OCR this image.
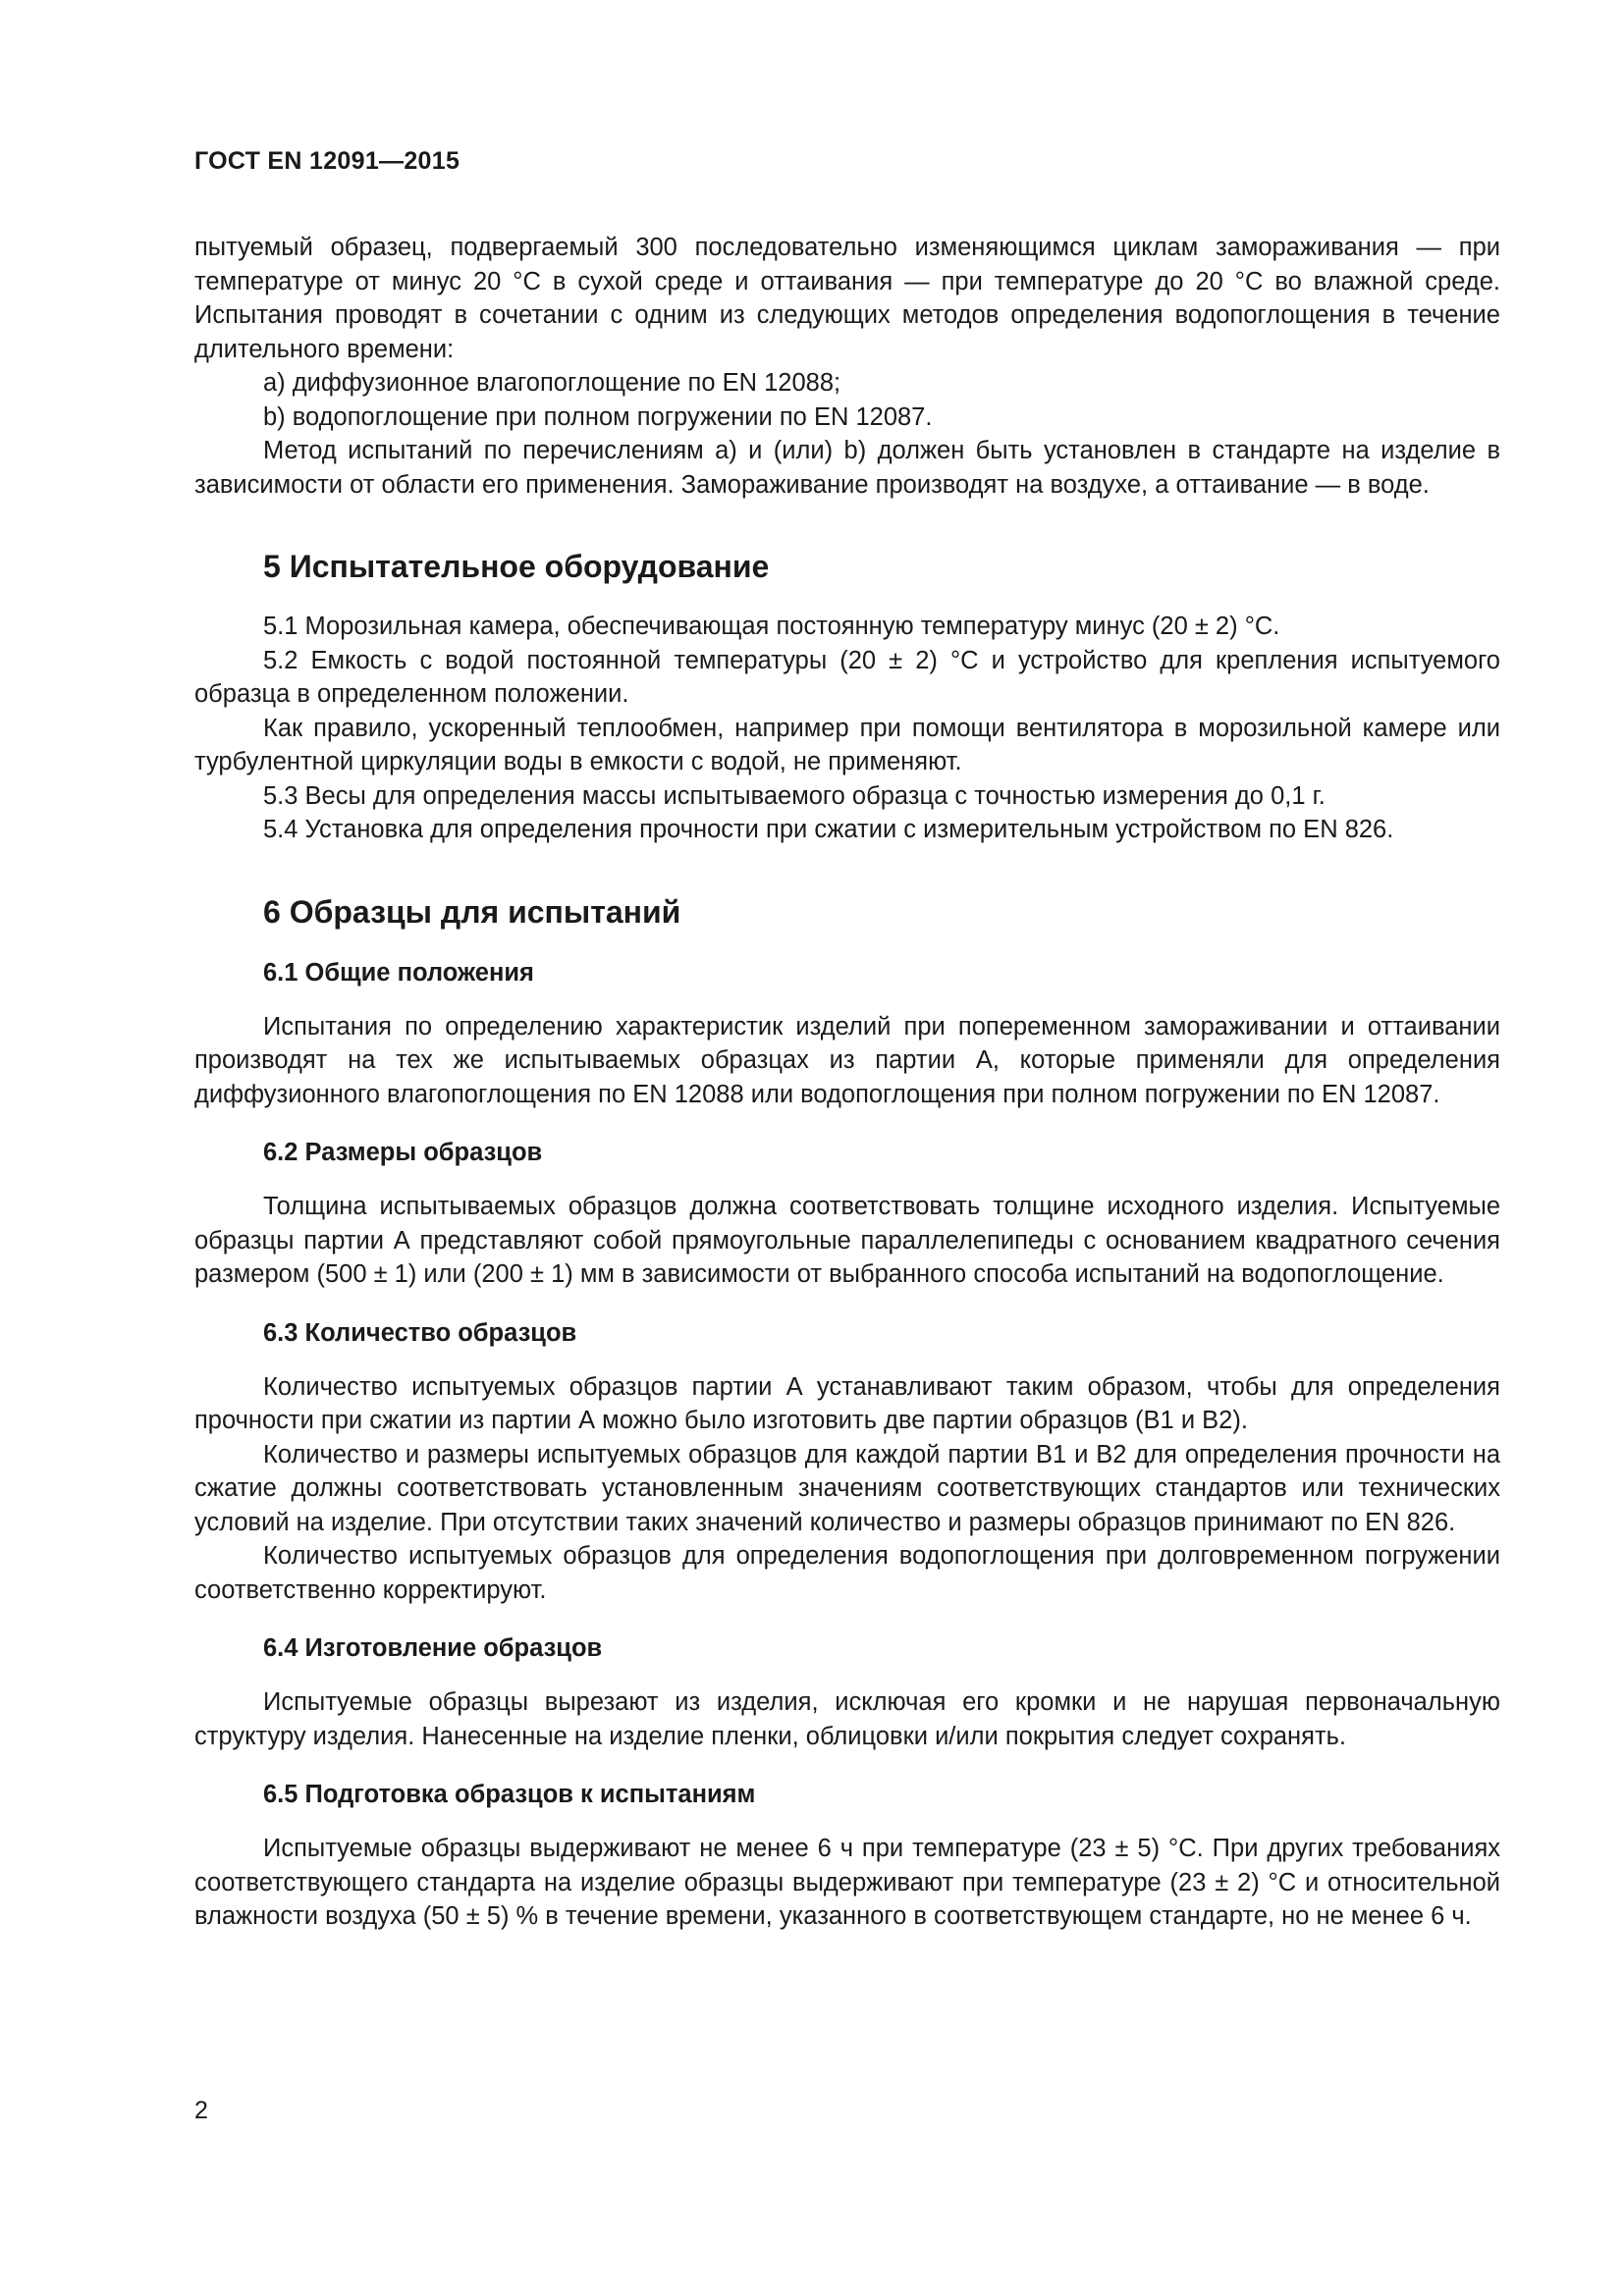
ГОСТ EN 12091—2015

пытуемый образец, подвергаемый 300 последовательно изменяющимся циклам замораживания — при температуре от минус 20 °С в сухой среде и оттаивания — при температуре до 20 °С во влажной среде. Испытания проводят в сочетании с одним из следующих методов определения водопоглощения в течение длительного времени:

a) диффузионное влагопоглощение по EN 12088;

b) водопоглощение при полном погружении по EN 12087.

Метод испытаний по перечислениям а) и (или) b) должен быть установлен в стандарте на изделие в зависимости от области его применения. Замораживание производят на воздухе, а оттаивание — в воде.

5 Испытательное оборудование

5.1 Морозильная камера, обеспечивающая постоянную температуру минус (20 ± 2) °С.

5.2 Емкость с водой постоянной температуры (20 ± 2) °С и устройство для крепления испытуемого образца в определенном положении.

Как правило, ускоренный теплообмен, например при помощи вентилятора в морозильной камере или турбулентной циркуляции воды в емкости с водой, не применяют.

5.3 Весы для определения массы испытываемого образца с точностью измерения до 0,1 г.

5.4 Установка для определения прочности при сжатии с измерительным устройством по EN 826.

6 Образцы для испытаний
6.1 Общие положения

Испытания по определению характеристик изделий при попеременном замораживании и оттаивании производят на тех же испытываемых образцах из партии А, которые применяли для определения диффузионного влагопоглощения по EN 12088 или водопоглощения при полном погружении по EN 12087.

6.2 Размеры образцов

Толщина испытываемых образцов должна соответствовать толщине исходного изделия. Испытуемые образцы партии А представляют собой прямоугольные параллелепипеды с основанием квадратного сечения размером (500 ± 1) или (200 ± 1) мм в зависимости от выбранного способа испытаний на водопоглощение.

6.3 Количество образцов

Количество испытуемых образцов партии А устанавливают таким образом, чтобы для определения прочности при сжатии из партии А можно было изготовить две партии образцов (В1 и В2).

Количество и размеры испытуемых образцов для каждой партии В1 и В2 для определения прочности на сжатие должны соответствовать установленным значениям соответствующих стандартов или технических условий на изделие. При отсутствии таких значений количество и размеры образцов принимают по EN 826.

Количество испытуемых образцов для определения водопоглощения при долговременном погружении соответственно корректируют.

6.4 Изготовление образцов

Испытуемые образцы вырезают из изделия, исключая его кромки и не нарушая первоначальную структуру изделия. Нанесенные на изделие пленки, облицовки и/или покрытия следует сохранять.

6.5 Подготовка образцов к испытаниям

Испытуемые образцы выдерживают не менее 6 ч при температуре (23 ± 5) °С. При других требованиях соответствующего стандарта на изделие образцы выдерживают при температуре (23 ± 2) °С и относительной влажности воздуха (50 ± 5) % в течение времени, указанного в соответствующем стандарте, но не менее 6 ч.

2
